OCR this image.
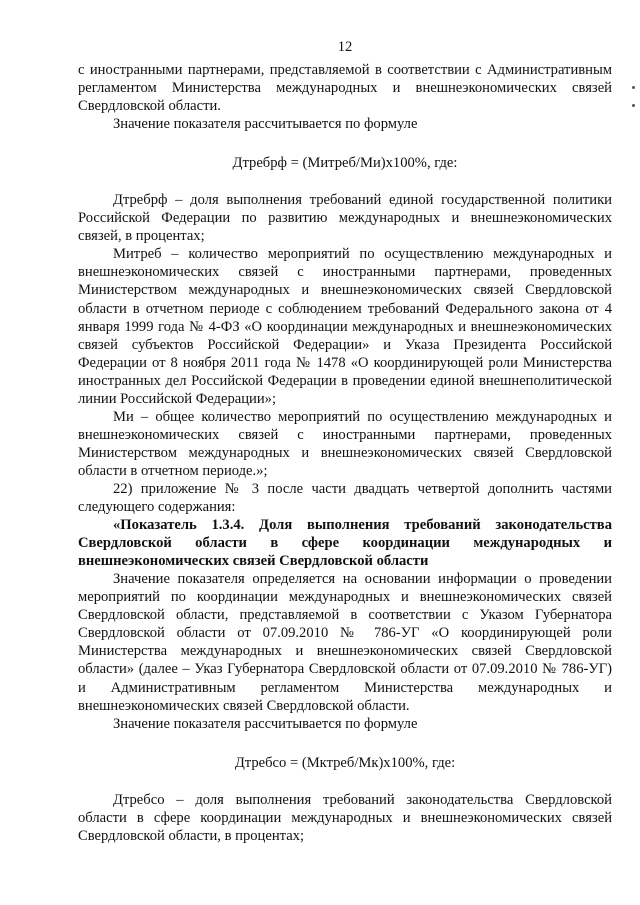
12

с иностранными партнерами, представляемой в соответствии с Административным регламентом Министерства международных и внешнеэкономических связей Свердловской области.

Значение показателя рассчитывается по формуле

Дтребрф = (Митреб/Ми)x100%, где:

Дтребрф – доля выполнения требований единой государственной политики Российской Федерации по развитию международных и внешнеэкономических связей, в процентах;

Митреб – количество мероприятий по осуществлению международных и внешнеэкономических связей с иностранными партнерами, проведенных Министерством международных и внешнеэкономических связей Свердловской области в отчетном периоде с соблюдением требований Федерального закона от 4 января 1999 года № 4-ФЗ «О координации международных и внешнеэкономических связей субъектов Российской Федерации» и Указа Президента Российской Федерации от 8 ноября 2011 года № 1478 «О координирующей роли Министерства иностранных дел Российской Федерации в проведении единой внешнеполитической линии Российской Федерации»;

Ми – общее количество мероприятий по осуществлению международных и внешнеэкономических связей с иностранными партнерами, проведенных Министерством международных и внешнеэкономических связей Свердловской области в отчетном периоде.»;

22) приложение № 3 после части двадцать четвертой дополнить частями следующего содержания:

«Показатель 1.3.4. Доля выполнения требований законодательства Свердловской области в сфере координации международных и внешнеэкономических связей Свердловской области

Значение показателя определяется на основании информации о проведении мероприятий по координации международных и внешнеэкономических связей Свердловской области, представляемой в соответствии с Указом Губернатора Свердловской области от 07.09.2010 № 786-УГ «О координирующей роли Министерства международных и внешнеэкономических связей Свердловской области» (далее – Указ Губернатора Свердловской области от 07.09.2010 № 786-УГ) и Административным регламентом Министерства международных и внешнеэкономических связей Свердловской области.

Значение показателя рассчитывается по формуле

Дтребсо = (Мктреб/Мк)x100%, где:

Дтребсо – доля выполнения требований законодательства Свердловской области в сфере координации международных и внешнеэкономических связей Свердловской области, в процентах;
